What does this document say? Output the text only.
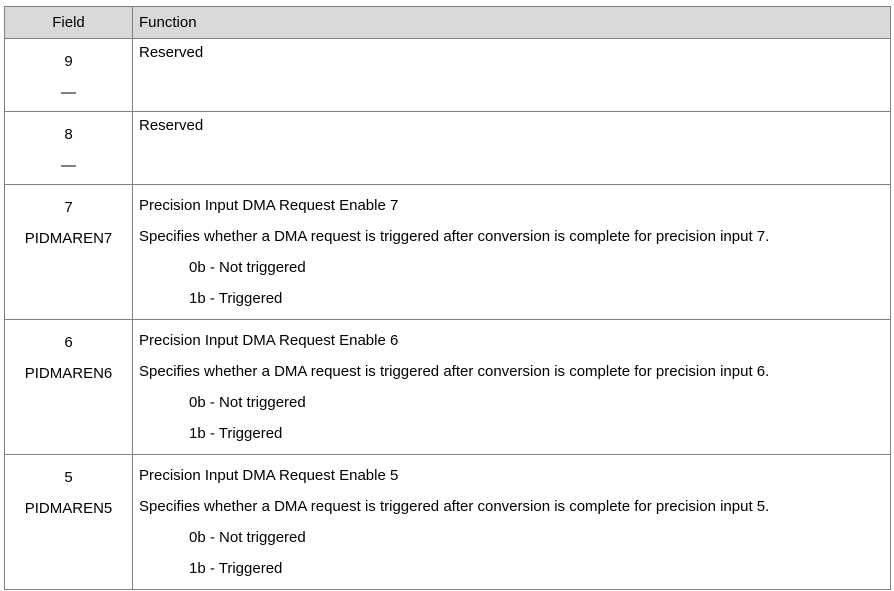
Field	Function

9
—	Reserved

8
—	Reserved

7
PIDMAREN7	Precision Input DMA Request Enable 7
Specifies whether a DMA request is triggered after conversion is complete for precision input 7.
0b - Not triggered
1b - Triggered

6
PIDMAREN6	Precision Input DMA Request Enable 6
Specifies whether a DMA request is triggered after conversion is complete for precision input 6.
0b - Not triggered
1b - Triggered

5
PIDMAREN5	Precision Input DMA Request Enable 5
Specifies whether a DMA request is triggered after conversion is complete for precision input 5.
0b - Not triggered
1b - Triggered
